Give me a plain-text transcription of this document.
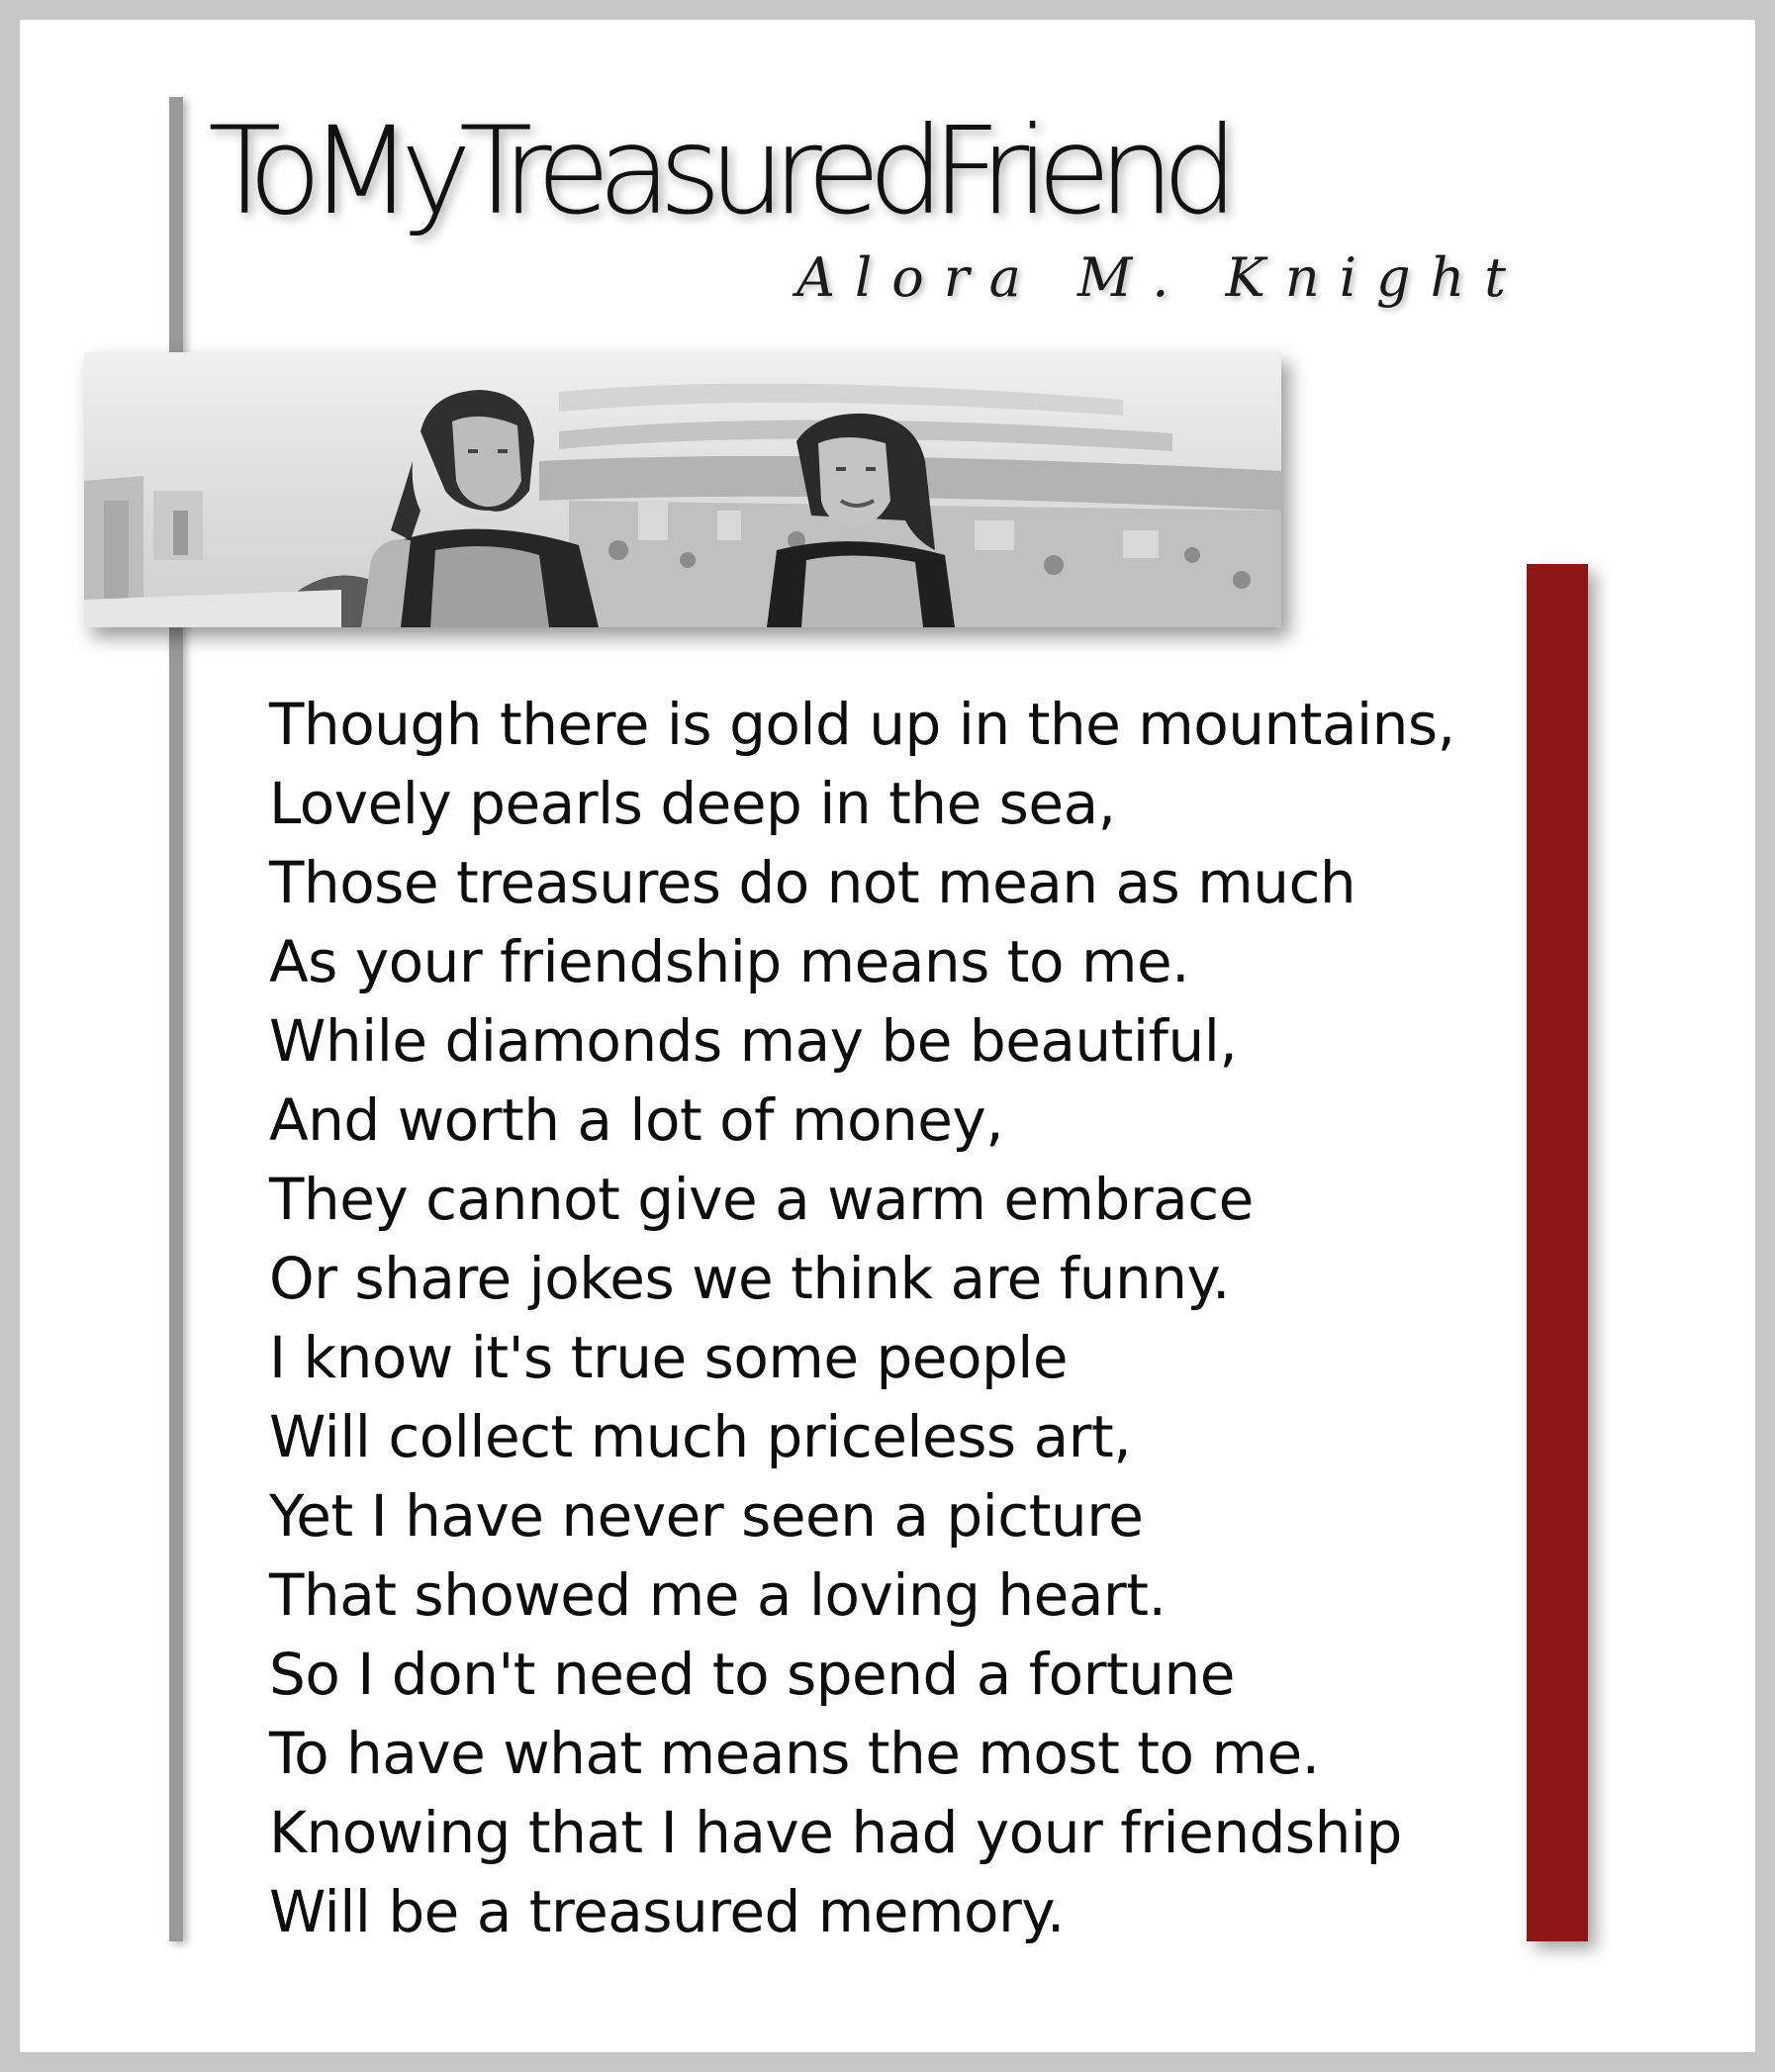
ToMyTreasuredFriend
Alora M. Knight
Though there is gold up in the mountains,
Lovely pearls deep in the sea,
Those treasures do not mean as much
As your friendship means to me.
While diamonds may be beautiful,
And worth a lot of money,
They cannot give a warm embrace
Or share jokes we think are funny.
I know it's true some people
Will collect much priceless art,
Yet I have never seen a picture
That showed me a loving heart.
So I don't need to spend a fortune
To have what means the most to me.
Knowing that I have had your friendship
Will be a treasured memory.
